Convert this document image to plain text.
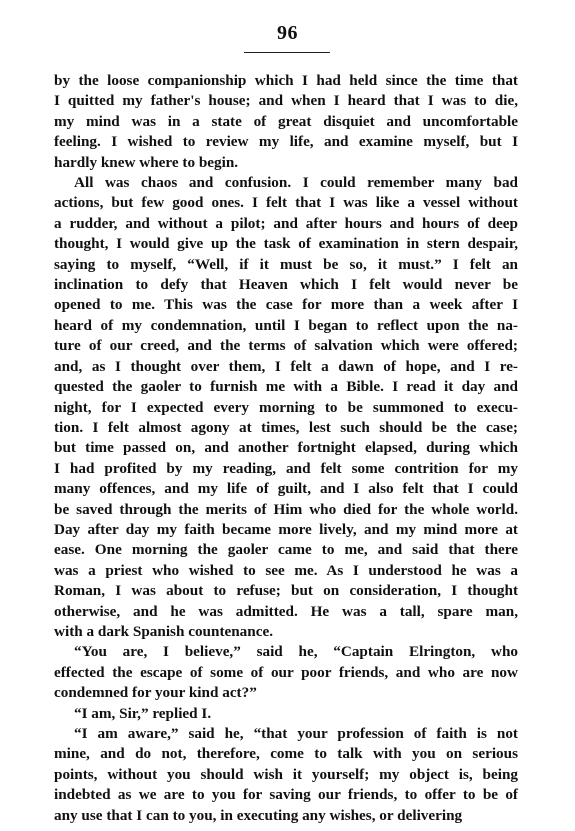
96
by the loose companionship which I had held since the time that
I quitted my father's house; and when I heard that I was to die,
my mind was in a state of great disquiet and uncomfortable
feeling. I wished to review my life, and examine myself, but I
hardly knew where to begin.
All was chaos and confusion. I could remember many bad
actions, but few good ones. I felt that I was like a vessel without
a rudder, and without a pilot; and after hours and hours of deep
thought, I would give up the task of examination in stern despair,
saying to myself, “Well, if it must be so, it must.” I felt an
inclination to defy that Heaven which I felt would never be
opened to me. This was the case for more than a week after I
heard of my condemnation, until I began to reflect upon the na-
ture of our creed, and the terms of salvation which were offered;
and, as I thought over them, I felt a dawn of hope, and I re-
quested the gaoler to furnish me with a Bible. I read it day and
night, for I expected every morning to be summoned to execu-
tion. I felt almost agony at times, lest such should be the case;
but time passed on, and another fortnight elapsed, during which
I had profited by my reading, and felt some contrition for my
many offences, and my life of guilt, and I also felt that I could
be saved through the merits of Him who died for the whole world.
Day after day my faith became more lively, and my mind more at
ease. One morning the gaoler came to me, and said that there
was a priest who wished to see me. As I understood he was a
Roman, I was about to refuse; but on consideration, I thought
otherwise, and he was admitted. He was a tall, spare man,
with a dark Spanish countenance.
“You are, I believe,” said he, “Captain Elrington, who
effected the escape of some of our poor friends, and who are now
condemned for your kind act?”
“I am, Sir,” replied I.
“I am aware,” said he, “that your profession of faith is not
mine, and do not, therefore, come to talk with you on serious
points, without you should wish it yourself; my object is, being
indebted as we are to you for saving our friends, to offer to be of
any use that I can to you, in executing any wishes, or delivering
